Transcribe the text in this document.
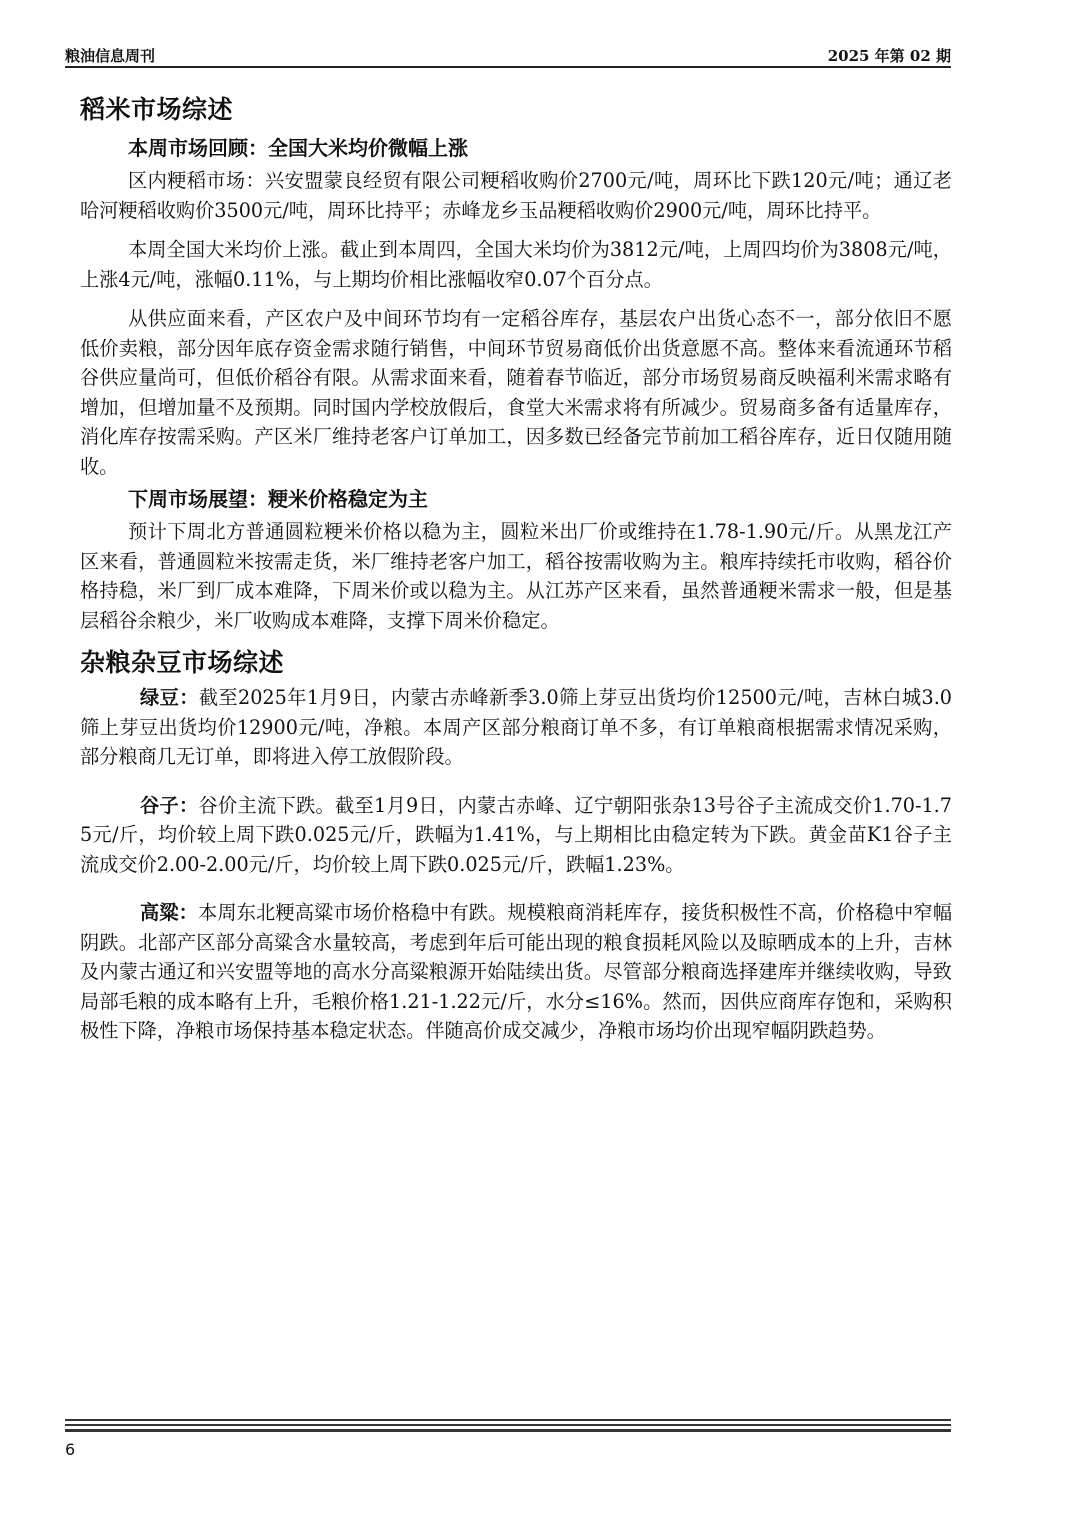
粮油信息周刊	2025 年第 02 期
稻米市场综述
本周市场回顾：全国大米均价微幅上涨

区内粳稻市场：兴安盟蒙良经贸有限公司粳稻收购价2700元/吨，周环比下跌120元/吨；通辽老哈河粳稻收购价3500元/吨，周环比持平；赤峰龙乡玉品粳稻收购价2900元/吨，周环比持平。

本周全国大米均价上涨。截止到本周四，全国大米均价为3812元/吨，上周四均价为3808元/吨，上涨4元/吨，涨幅0.11%，与上期均价相比涨幅收窄0.07个百分点。

从供应面来看，产区农户及中间环节均有一定稻谷库存，基层农户出货心态不一，部分依旧不愿低价卖粮，部分因年底存资金需求随行销售，中间环节贸易商低价出货意愿不高。整体来看流通环节稻谷供应量尚可，但低价稻谷有限。从需求面来看，随着春节临近，部分市场贸易商反映福利米需求略有增加，但增加量不及预期。同时国内学校放假后，食堂大米需求将有所减少。贸易商多备有适量库存，消化库存按需采购。产区米厂维持老客户订单加工，因多数已经备完节前加工稻谷库存，近日仅随用随收。

下周市场展望：粳米价格稳定为主

预计下周北方普通圆粒粳米价格以稳为主，圆粒米出厂价或维持在1.78-1.90元/斤。从黑龙江产区来看，普通圆粒米按需走货，米厂维持老客户加工，稻谷按需收购为主。粮库持续托市收购，稻谷价格持稳，米厂到厂成本难降，下周米价或以稳为主。从江苏产区来看，虽然普通粳米需求一般，但是基层稻谷余粮少，米厂收购成本难降，支撑下周米价稳定。

杂粮杂豆市场综述

绿豆：截至2025年1月9日，内蒙古赤峰新季3.0筛上芽豆出货均价12500元/吨，吉林白城3.0筛上芽豆出货均价12900元/吨，净粮。本周产区部分粮商订单不多，有订单粮商根据需求情况采购，部分粮商几无订单，即将进入停工放假阶段。

谷子：谷价主流下跌。截至1月9日，内蒙古赤峰、辽宁朝阳张杂13号谷子主流成交价1.70-1.75元/斤，均价较上周下跌0.025元/斤，跌幅为1.41%，与上期相比由稳定转为下跌。黄金苗K1谷子主流成交价2.00-2.00元/斤，均价较上周下跌0.025元/斤，跌幅1.23%。

高粱：本周东北粳高粱市场价格稳中有跌。规模粮商消耗库存，接货积极性不高，价格稳中窄幅阴跌。北部产区部分高粱含水量较高，考虑到年后可能出现的粮食损耗风险以及晾晒成本的上升，吉林及内蒙古通辽和兴安盟等地的高水分高粱粮源开始陆续出货。尽管部分粮商选择建库并继续收购，导致局部毛粮的成本略有上升，毛粮价格1.21-1.22元/斤，水分≤16%。然而，因供应商库存饱和，采购积极性下降，净粮市场保持基本稳定状态。伴随高价成交减少，净粮市场均价出现窄幅阴跌趋势。

6
